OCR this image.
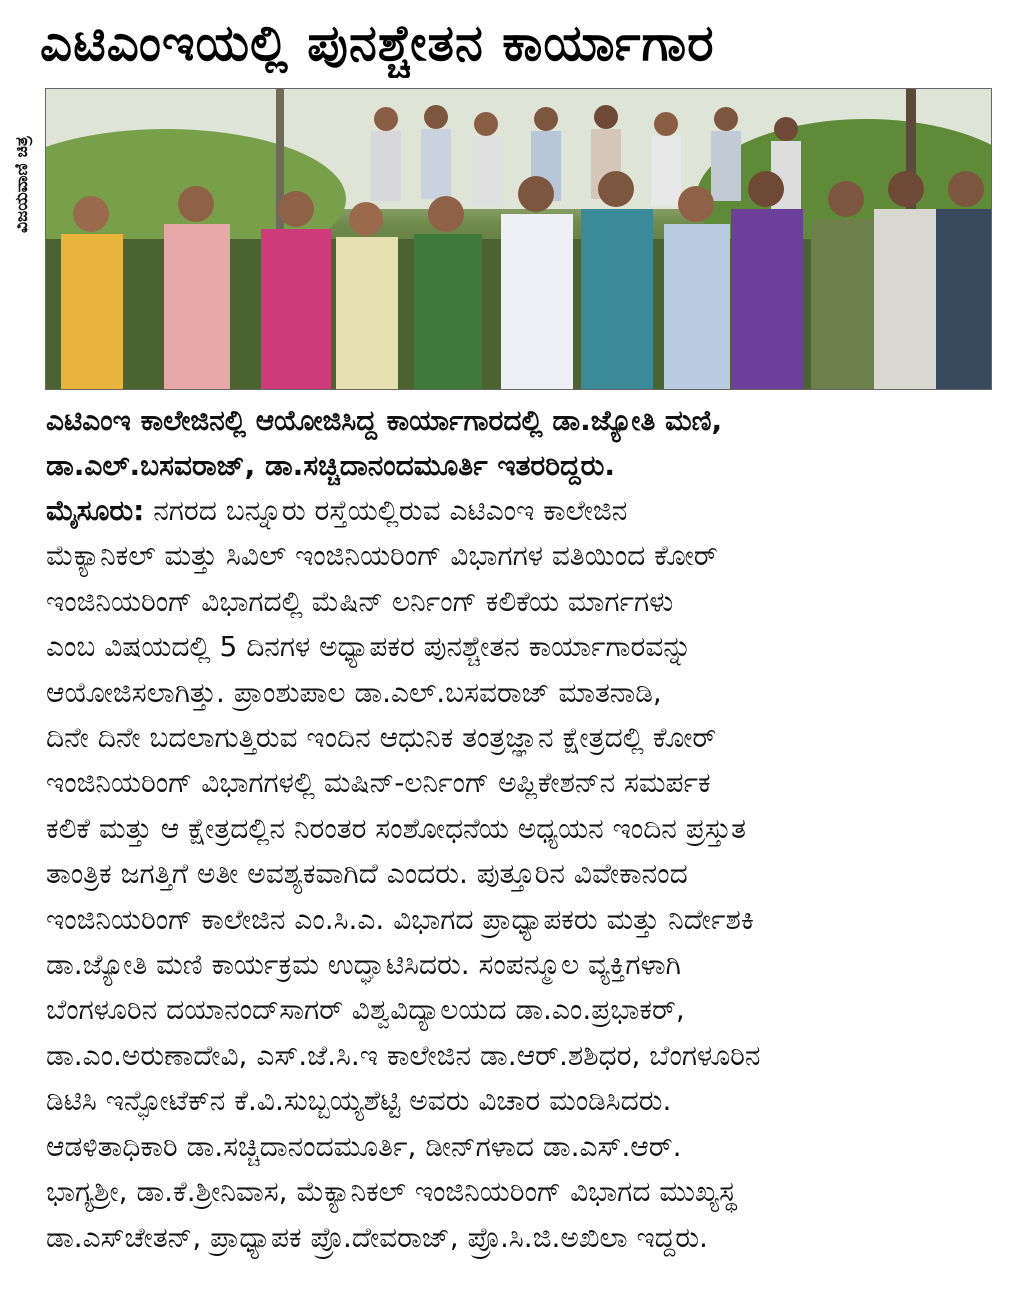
ಎಟಿಎಂಇಯಲ್ಲಿ ಪುನಶ್ಚೇತನ ಕಾರ್ಯಾಗಾರ
ವಿಜಯವಾಣಿ ಚಿತ್ರ
ಎಟಿಎಂಇ ಕಾಲೇಜಿನಲ್ಲಿ ಆಯೋಜಿಸಿದ್ದ ಕಾರ್ಯಾಗಾರದಲ್ಲಿ ಡಾ.ಜ್ಯೋತಿ ಮಣಿ,
ಡಾ.ಎಲ್.ಬಸವರಾಜ್, ಡಾ.ಸಚ್ಚಿದಾನಂದಮೂರ್ತಿ ಇತರರಿದ್ದರು.
ಮೈಸೂರು: ನಗರದ ಬನ್ನೂರು ರಸ್ತೆಯಲ್ಲಿರುವ ಎಟಿಎಂಇ ಕಾಲೇಜಿನ
ಮೆಕ್ಯಾನಿಕಲ್ ಮತ್ತು ಸಿವಿಲ್ ಇಂಜಿನಿಯರಿಂಗ್ ವಿಭಾಗಗಳ ವತಿಯಿಂದ ಕೋರ್
ಇಂಜಿನಿಯರಿಂಗ್ ವಿಭಾಗದಲ್ಲಿ ಮೆಷಿನ್ ಲರ್ನಿಂಗ್ ಕಲಿಕೆಯ ಮಾರ್ಗಗಳು
ಎಂಬ ವಿಷಯದಲ್ಲಿ 5 ದಿನಗಳ ಅಧ್ಯಾಪಕರ ಪುನಶ್ಚೇತನ ಕಾರ್ಯಾಗಾರವನ್ನು
ಆಯೋಜಿಸಲಾಗಿತ್ತು. ಪ್ರಾಂಶುಪಾಲ ಡಾ.ಎಲ್.ಬಸವರಾಜ್ ಮಾತನಾಡಿ,
ದಿನೇ ದಿನೇ ಬದಲಾಗುತ್ತಿರುವ ಇಂದಿನ ಆಧುನಿಕ ತಂತ್ರಜ್ಞಾನ ಕ್ಷೇತ್ರದಲ್ಲಿ ಕೋರ್
ಇಂಜಿನಿಯರಿಂಗ್ ವಿಭಾಗಗಳಲ್ಲಿ ಮಷಿನ್-ಲರ್ನಿಂಗ್ ಅಪ್ಲಿಕೇಶನ್‌ನ ಸಮರ್ಪಕ
ಕಲಿಕೆ ಮತ್ತು ಆ ಕ್ಷೇತ್ರದಲ್ಲಿನ ನಿರಂತರ ಸಂಶೋಧನೆಯ ಅಧ್ಯಯನ ಇಂದಿನ ಪ್ರಸ್ತುತ
ತಾಂತ್ರಿಕ ಜಗತ್ತಿಗೆ ಅತೀ ಅವಶ್ಯಕವಾಗಿದೆ ಎಂದರು. ಪುತ್ತೂರಿನ ವಿವೇಕಾನಂದ
ಇಂಜಿನಿಯರಿಂಗ್ ಕಾಲೇಜಿನ ಎಂ.ಸಿ.ಎ. ವಿಭಾಗದ ಪ್ರಾಧ್ಯಾಪಕರು ಮತ್ತು ನಿರ್ದೇಶಕಿ
ಡಾ.ಜ್ಯೋತಿ ಮಣಿ ಕಾರ್ಯಕ್ರಮ ಉದ್ಘಾಟಿಸಿದರು. ಸಂಪನ್ಮೂಲ ವ್ಯಕ್ತಿಗಳಾಗಿ
ಬೆಂಗಳೂರಿನ ದಯಾನಂದ್‌ಸಾಗರ್ ವಿಶ್ವವಿದ್ಯಾಲಯದ ಡಾ.ಎಂ.ಪ್ರಭಾಕರ್,
ಡಾ.ಎಂ.ಅರುಣಾದೇವಿ, ಎಸ್.ಜೆ.ಸಿ.ಇ ಕಾಲೇಜಿನ ಡಾ.ಆರ್.ಶಶಿಧರ, ಬೆಂಗಳೂರಿನ
ಡಿಟಿಸಿ ಇನ್ಫೋಟೆಕ್‌ನ ಕೆ.ವಿ.ಸುಬ್ಬಯ್ಯಶೆಟ್ಟಿ ಅವರು ವಿಚಾರ ಮಂಡಿಸಿದರು.
ಆಡಳಿತಾಧಿಕಾರಿ ಡಾ.ಸಚ್ಚಿದಾನಂದಮೂರ್ತಿ, ಡೀನ್‌ಗಳಾದ ಡಾ.ಎಸ್.ಆರ್.
ಭಾಗ್ಯಶ್ರೀ, ಡಾ.ಕೆ.ಶ್ರೀನಿವಾಸ, ಮೆಕ್ಯಾನಿಕಲ್ ಇಂಜಿನಿಯರಿಂಗ್ ವಿಭಾಗದ ಮುಖ್ಯಸ್ಥ
ಡಾ.ಎಸ್‌ಚೇತನ್, ಪ್ರಾಧ್ಯಾಪಕ ಪ್ರೊ.ದೇವರಾಜ್, ಪ್ರೊ.ಸಿ.ಜಿ.ಅಖಿಲಾ ಇದ್ದರು.
